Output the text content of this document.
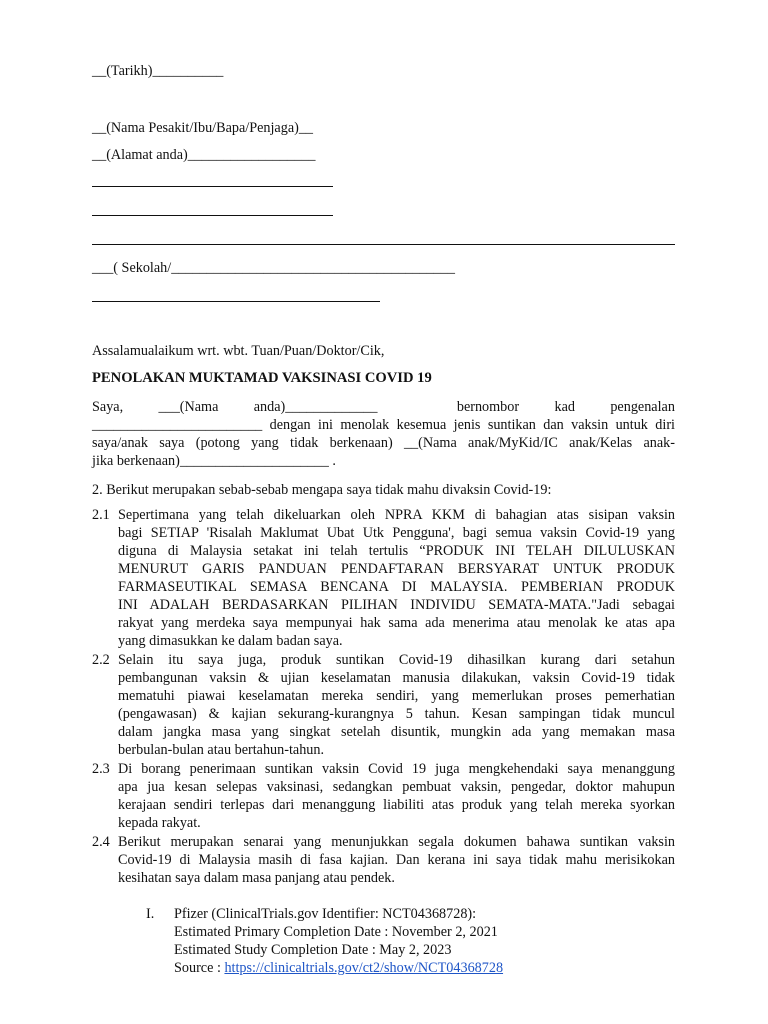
__(Tarikh)__________
__(Nama Pesakit/Ibu/Bapa/Penjaga)__
__(Alamat anda)__________________
___( Sekolah/________________________________________
Assalamualaikum wrt. wbt. Tuan/Puan/Doktor/Cik,
PENOLAKAN MUKTAMAD VAKSINASI COVID 19
Saya, ___(Nama anda)_____________	bernombor kad pengenalan
________________________ dengan ini menolak kesemua jenis suntikan dan vaksin untuk diri
saya/anak saya (potong yang tidak berkenaan) __(Nama anak/MyKid/IC anak/Kelas anak-
jika berkenaan)_____________________ .
2. Berikut merupakan sebab-sebab mengapa saya tidak mahu divaksin Covid-19:
2.1 Sepertimana yang telah dikeluarkan oleh NPRA KKM di bahagian atas sisipan vaksin
bagi SETIAP 'Risalah Maklumat Ubat Utk Pengguna', bagi semua vaksin Covid-19 yang
diguna di Malaysia setakat ini telah tertulis “PRODUK INI TELAH DILULUSKAN
MENURUT GARIS PANDUAN PENDAFTARAN BERSYARAT UNTUK PRODUK
FARMASEUTIKAL SEMASA BENCANA DI MALAYSIA. PEMBERIAN PRODUK
INI ADALAH BERDASARKAN PILIHAN INDIVIDU SEMATA-MATA."Jadi sebagai
rakyat yang merdeka saya mempunyai hak sama ada menerima atau menolak ke atas apa
yang dimasukkan ke dalam badan saya.
2.2 Selain itu saya juga, produk suntikan Covid-19 dihasilkan kurang dari setahun
pembangunan vaksin & ujian keselamatan manusia dilakukan, vaksin Covid-19 tidak
mematuhi piawai keselamatan mereka sendiri, yang memerlukan proses pemerhatian
(pengawasan) & kajian sekurang-kurangnya 5 tahun. Kesan sampingan tidak muncul
dalam jangka masa yang singkat setelah disuntik, mungkin ada yang memakan masa
berbulan-bulan atau bertahun-tahun.
2.3 Di borang penerimaan suntikan vaksin Covid 19 juga mengkehendaki saya menanggung
apa jua kesan selepas vaksinasi, sedangkan pembuat vaksin, pengedar, doktor mahupun
kerajaan sendiri terlepas dari menanggung liabiliti atas produk yang telah mereka syorkan
kepada rakyat.
2.4 Berikut merupakan senarai yang menunjukkan segala dokumen bahawa suntikan vaksin
Covid-19 di Malaysia masih di fasa kajian. Dan kerana ini saya tidak mahu merisikokan
kesihatan saya dalam masa panjang atau pendek.
I. Pfizer (ClinicalTrials.gov Identifier: NCT04368728):
Estimated Primary Completion Date : November 2, 2021
Estimated Study Completion Date : May 2, 2023
Source : https://clinicaltrials.gov/ct2/show/NCT04368728
